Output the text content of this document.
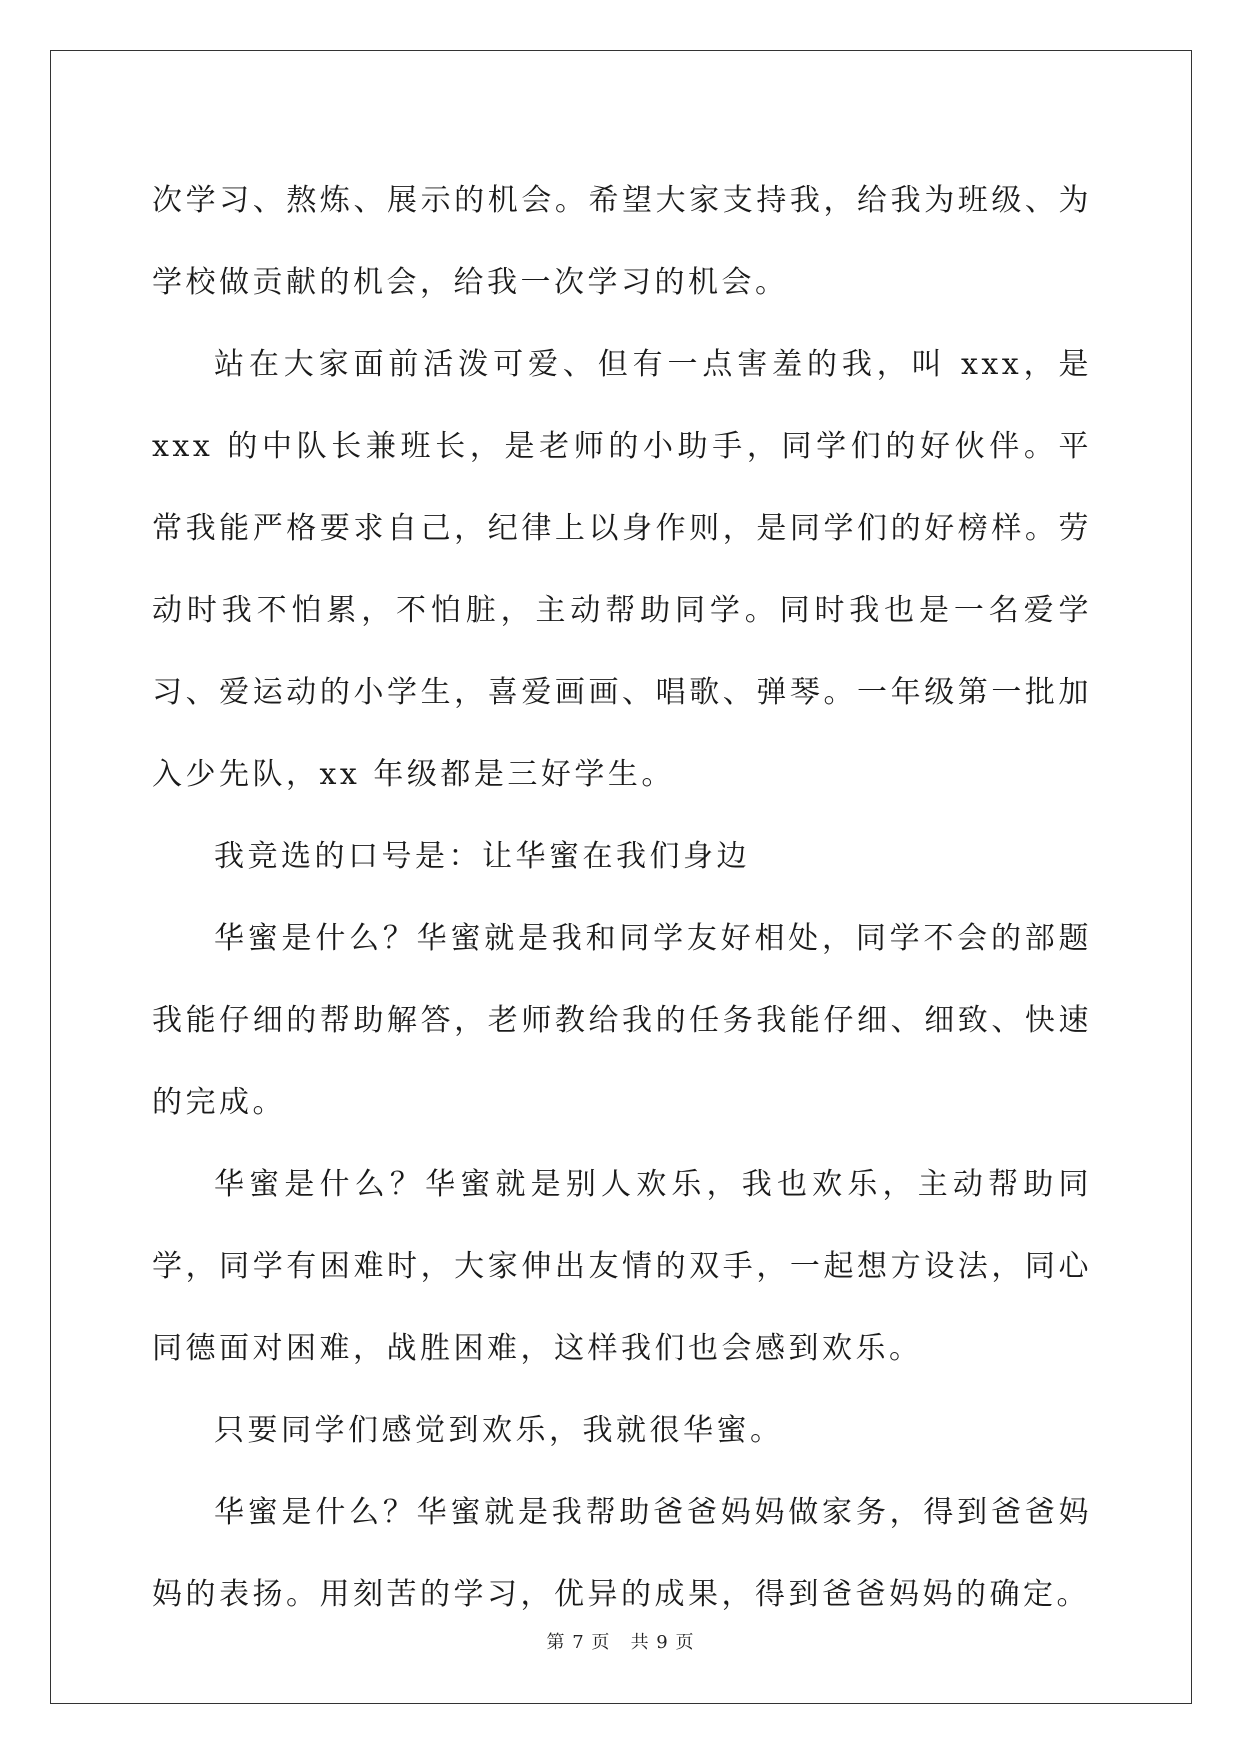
次学习、熬炼、展示的机会。希望大家支持我，给我为班级、为学校做贡献的机会，给我一次学习的机会。

站在大家面前活泼可爱、但有一点害羞的我，叫 xxx，是 xxx 的中队长兼班长，是老师的小助手，同学们的好伙伴。平常我能严格要求自己，纪律上以身作则，是同学们的好榜样。劳动时我不怕累，不怕脏，主动帮助同学。同时我也是一名爱学习、爱运动的小学生，喜爱画画、唱歌、弹琴。一年级第一批加入少先队，xx 年级都是三好学生。

我竞选的口号是：让华蜜在我们身边

华蜜是什么？华蜜就是我和同学友好相处，同学不会的部题我能仔细的帮助解答，老师教给我的任务我能仔细、细致、快速的完成。

华蜜是什么？华蜜就是别人欢乐，我也欢乐，主动帮助同学，同学有困难时，大家伸出友情的双手，一起想方设法，同心同德面对困难，战胜困难，这样我们也会感到欢乐。

只要同学们感觉到欢乐，我就很华蜜。

华蜜是什么？华蜜就是我帮助爸爸妈妈做家务，得到爸爸妈妈的表扬。用刻苦的学习，优异的成果，得到爸爸妈妈的确定。

第 7 页 共 9 页
